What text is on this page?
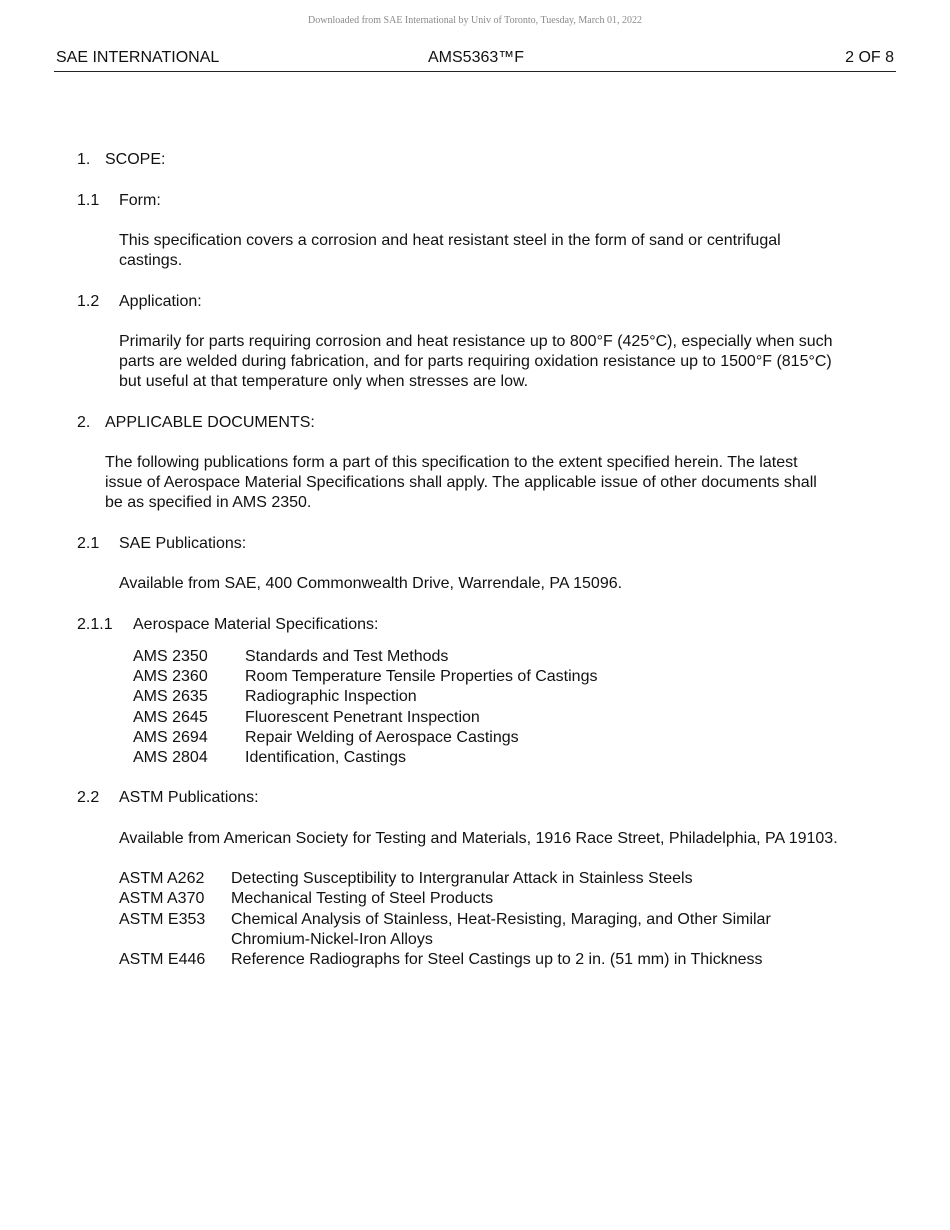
Downloaded from SAE International by Univ of Toronto, Tuesday, March 01, 2022
SAE INTERNATIONAL	AMS5363™F	2 OF 8
1. SCOPE:
1.1 Form:
This specification covers a corrosion and heat resistant steel in the form of sand or centrifugal
castings.
1.2 Application:
Primarily for parts requiring corrosion and heat resistance up to 800°F (425°C), especially when such
parts are welded during fabrication, and for parts requiring oxidation resistance up to 1500°F (815°C)
but useful at that temperature only when stresses are low.
2. APPLICABLE DOCUMENTS:
The following publications form a part of this specification to the extent specified herein. The latest
issue of Aerospace Material Specifications shall apply. The applicable issue of other documents shall
be as specified in AMS 2350.
2.1 SAE Publications:
Available from SAE, 400 Commonwealth Drive, Warrendale, PA 15096.
2.1.1 Aerospace Material Specifications:
AMS 2350 Standards and Test Methods
AMS 2360 Room Temperature Tensile Properties of Castings
AMS 2635 Radiographic Inspection
AMS 2645 Fluorescent Penetrant Inspection
AMS 2694 Repair Welding of Aerospace Castings
AMS 2804 Identification, Castings
2.2 ASTM Publications:
Available from American Society for Testing and Materials, 1916 Race Street, Philadelphia, PA 19103.
ASTM A262 Detecting Susceptibility to Intergranular Attack in Stainless Steels
ASTM A370 Mechanical Testing of Steel Products
ASTM E353 Chemical Analysis of Stainless, Heat-Resisting, Maraging, and Other Similar
Chromium-Nickel-Iron Alloys
ASTM E446 Reference Radiographs for Steel Castings up to 2 in. (51 mm) in Thickness
